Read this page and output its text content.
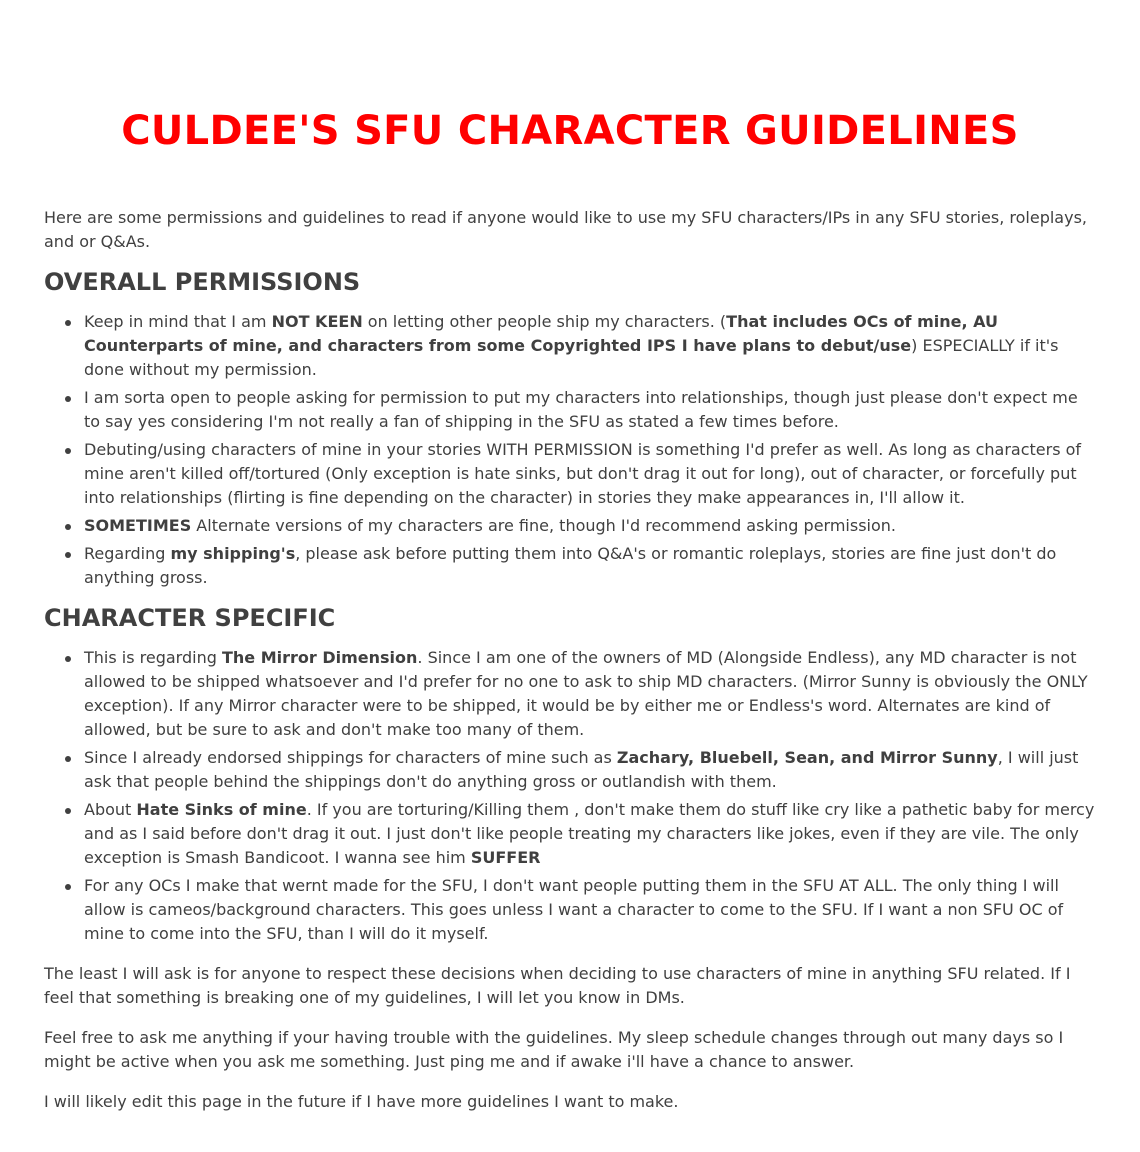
CULDEE'S SFU CHARACTER GUIDELINES

Here are some permissions and guidelines to read if anyone would like to use my SFU characters/IPs in any SFU stories, roleplays, and or Q&As.

OVERALL PERMISSIONS
Keep in mind that I am NOT KEEN on letting other people ship my characters. (That includes OCs of mine, AU Counterparts of mine, and characters from some Copyrighted IPS I have plans to debut/use) ESPECIALLY if it's done without my permission.
I am sorta open to people asking for permission to put my characters into relationships, though just please don't expect me to say yes considering I'm not really a fan of shipping in the SFU as stated a few times before.
Debuting/using characters of mine in your stories WITH PERMISSION is something I'd prefer as well. As long as characters of mine aren't killed off/tortured (Only exception is hate sinks, but don't drag it out for long), out of character, or forcefully put into relationships (flirting is fine depending on the character) in stories they make appearances in, I'll allow it.
SOMETIMES Alternate versions of my characters are fine, though I'd recommend asking permission.
Regarding my shipping's, please ask before putting them into Q&A's or romantic roleplays, stories are fine just don't do anything gross.
CHARACTER SPECIFIC
This is regarding The Mirror Dimension. Since I am one of the owners of MD (Alongside Endless), any MD character is not allowed to be shipped whatsoever and I'd prefer for no one to ask to ship MD characters. (Mirror Sunny is obviously the ONLY exception). If any Mirror character were to be shipped, it would be by either me or Endless's word. Alternates are kind of allowed, but be sure to ask and don't make too many of them.
Since I already endorsed shippings for characters of mine such as Zachary, Bluebell, Sean, and Mirror Sunny, I will just ask that people behind the shippings don't do anything gross or outlandish with them.
About Hate Sinks of mine. If you are torturing/Killing them , don't make them do stuff like cry like a pathetic baby for mercy and as I said before don't drag it out. I just don't like people treating my characters like jokes, even if they are vile. The only exception is Smash Bandicoot. I wanna see him SUFFER
For any OCs I make that wernt made for the SFU, I don't want people putting them in the SFU AT ALL. The only thing I will allow is cameos/background characters. This goes unless I want a character to come to the SFU. If I want a non SFU OC of mine to come into the SFU, than I will do it myself.

The least I will ask is for anyone to respect these decisions when deciding to use characters of mine in anything SFU related. If I feel that something is breaking one of my guidelines, I will let you know in DMs.

Feel free to ask me anything if your having trouble with the guidelines. My sleep schedule changes through out many days so I might be active when you ask me something. Just ping me and if awake i'll have a chance to answer.

I will likely edit this page in the future if I have more guidelines I want to make.
